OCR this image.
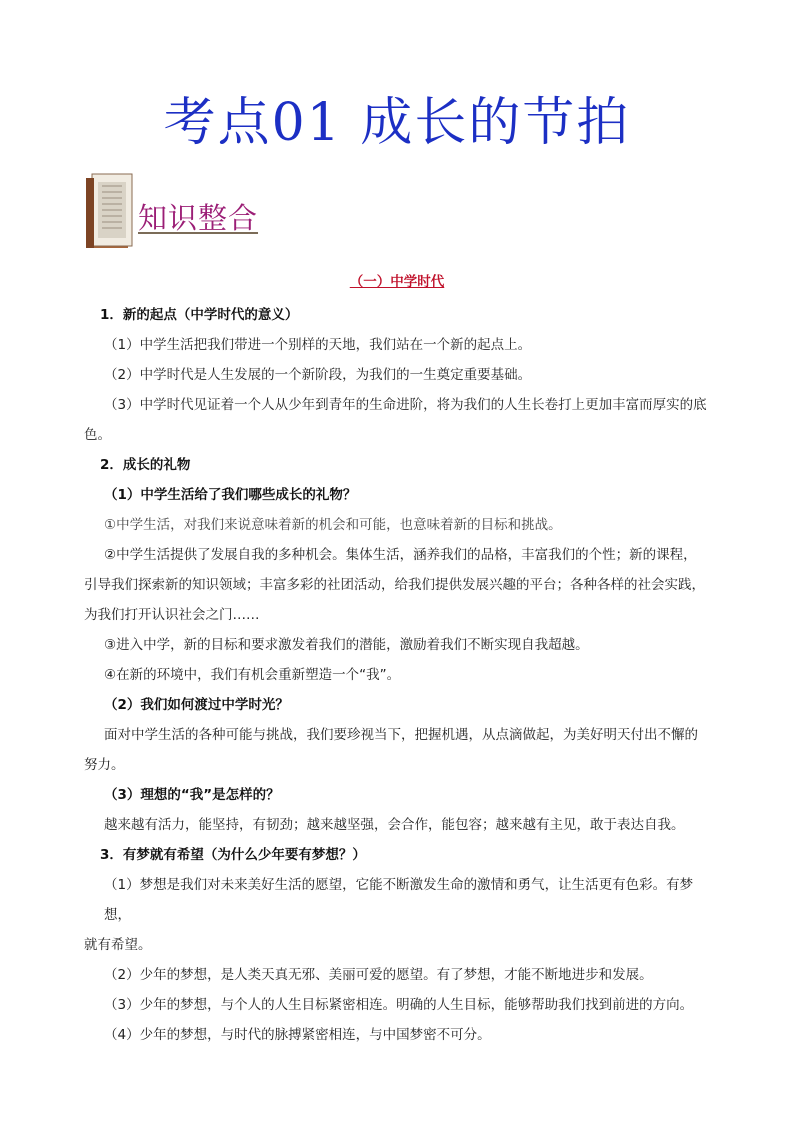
考点01 成长的节拍
知识整合
（一）中学时代

1．新的起点（中学时代的意义）

（1）中学生活把我们带进一个别样的天地，我们站在一个新的起点上。

（2）中学时代是人生发展的一个新阶段，为我们的一生奠定重要基础。

（3）中学时代见证着一个人从少年到青年的生命进阶，将为我们的人生长卷打上更加丰富而厚实的底

色。

2．成长的礼物

（1）中学生活给了我们哪些成长的礼物？

①中学生活，对我们来说意味着新的机会和可能，也意味着新的目标和挑战。

②中学生活提供了发展自我的多种机会。集体生活，涵养我们的品格，丰富我们的个性；新的课程，

引导我们探索新的知识领域；丰富多彩的社团活动，给我们提供发展兴趣的平台；各种各样的社会实践，

为我们打开认识社会之门……

③进入中学，新的目标和要求激发着我们的潜能，激励着我们不断实现自我超越。

④在新的环境中，我们有机会重新塑造一个“我”。

（2）我们如何渡过中学时光？

面对中学生活的各种可能与挑战，我们要珍视当下，把握机遇，从点滴做起，为美好明天付出不懈的

努力。

（3）理想的“我”是怎样的？

越来越有活力，能坚持，有韧劲；越来越坚强，会合作，能包容；越来越有主见，敢于表达自我。

3．有梦就有希望（为什么少年要有梦想？）

（1）梦想是我们对未来美好生活的愿望，它能不断激发生命的激情和勇气，让生活更有色彩。有梦想，

就有希望。

（2）少年的梦想，是人类天真无邪、美丽可爱的愿望。有了梦想，才能不断地进步和发展。

（3）少年的梦想，与个人的人生目标紧密相连。明确的人生目标，能够帮助我们找到前进的方向。

（4）少年的梦想，与时代的脉搏紧密相连，与中国梦密不可分。
